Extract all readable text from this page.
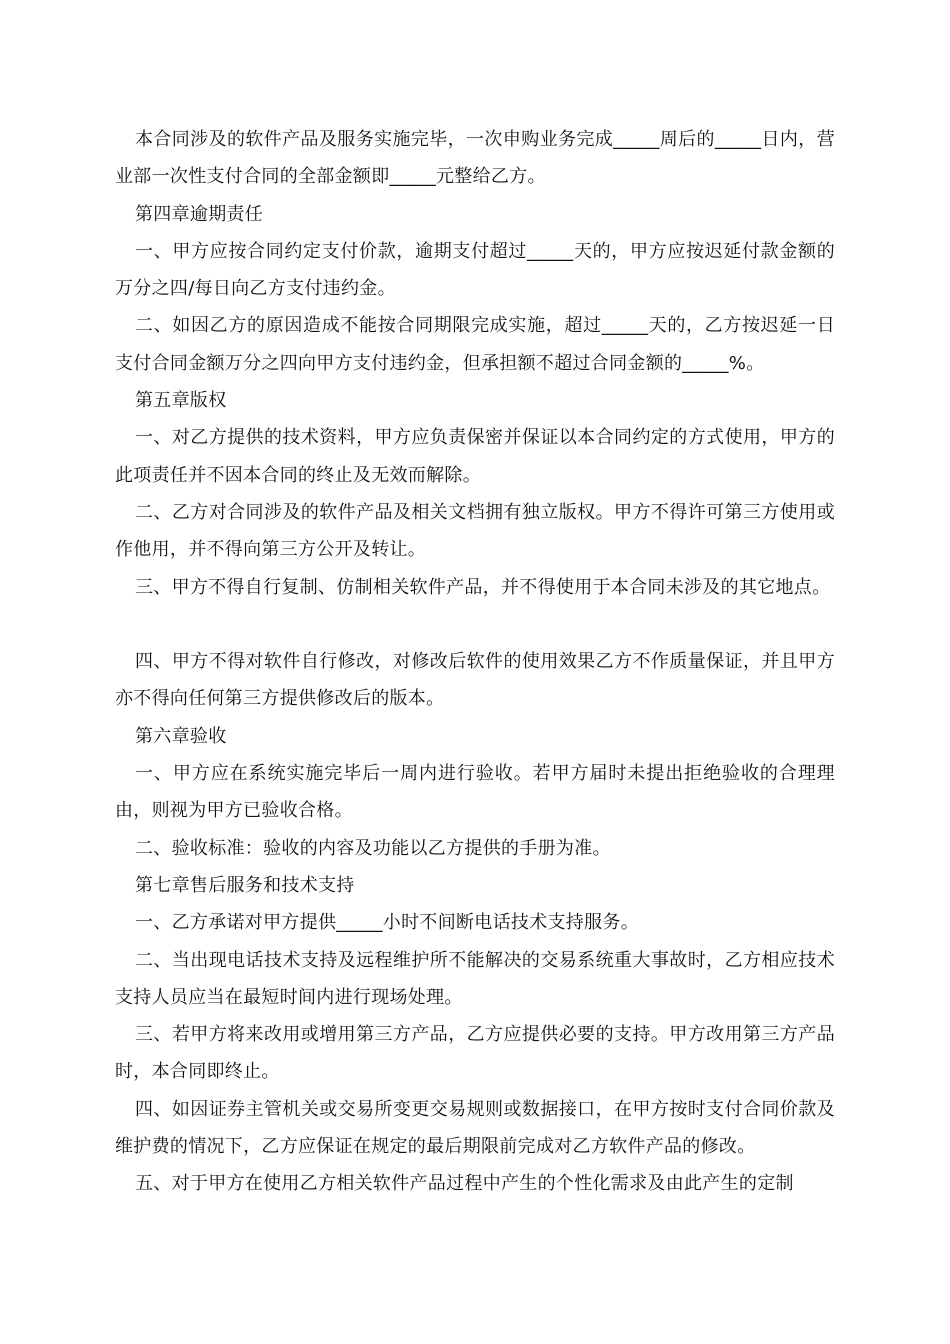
本合同涉及的软件产品及服务实施完毕，一次申购业务完成_____周后的_____日内，营业部一次性支付合同的全部金额即_____元整给乙方。

第四章逾期责任

一、甲方应按合同约定支付价款，逾期支付超过_____天的，甲方应按迟延付款金额的万分之四/每日向乙方支付违约金。

二、如因乙方的原因造成不能按合同期限完成实施，超过_____天的，乙方按迟延一日支付合同金额万分之四向甲方支付违约金，但承担额不超过合同金额的_____%。

第五章版权

一、对乙方提供的技术资料，甲方应负责保密并保证以本合同约定的方式使用，甲方的此项责任并不因本合同的终止及无效而解除。

二、乙方对合同涉及的软件产品及相关文档拥有独立版权。甲方不得许可第三方使用或作他用，并不得向第三方公开及转让。

三、甲方不得自行复制、仿制相关软件产品，并不得使用于本合同未涉及的其它地点。

四、甲方不得对软件自行修改，对修改后软件的使用效果乙方不作质量保证，并且甲方亦不得向任何第三方提供修改后的版本。

第六章验收

一、甲方应在系统实施完毕后一周内进行验收。若甲方届时未提出拒绝验收的合理理由，则视为甲方已验收合格。

二、验收标准：验收的内容及功能以乙方提供的手册为准。

第七章售后服务和技术支持

一、乙方承诺对甲方提供_____小时不间断电话技术支持服务。

二、当出现电话技术支持及远程维护所不能解决的交易系统重大事故时，乙方相应技术支持人员应当在最短时间内进行现场处理。

三、若甲方将来改用或增用第三方产品，乙方应提供必要的支持。甲方改用第三方产品时，本合同即终止。

四、如因证券主管机关或交易所变更交易规则或数据接口，在甲方按时支付合同价款及维护费的情况下，乙方应保证在规定的最后期限前完成对乙方软件产品的修改。

五、对于甲方在使用乙方相关软件产品过程中产生的个性化需求及由此产生的定制
